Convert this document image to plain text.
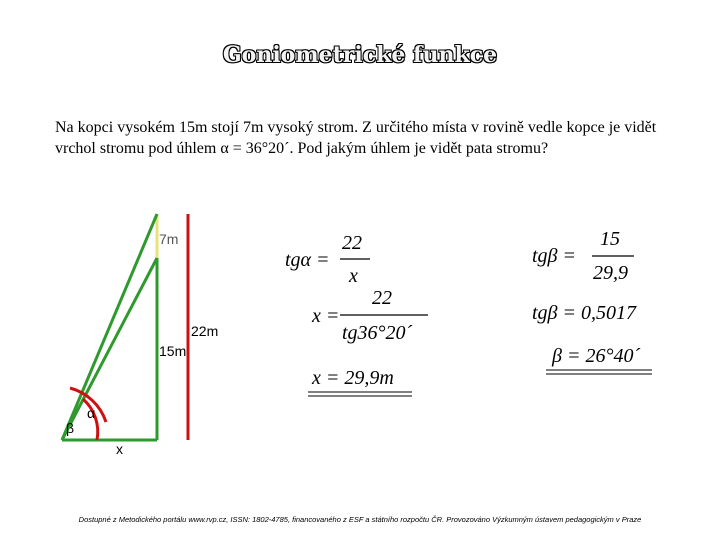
Goniometrické funkce
Na kopci vysokém 15m stojí 7m vysoký strom. Z určitého místa v rovině vedle kopce je vidět vrchol stromu pod úhlem α = 36°20´. Pod jakým úhlem je vidět pata stromu?
7m
15m
22m
α
β
x
tgα =
22
x
x =
22
tg36°20´
x = 29,9m
tgβ =
15
29,9
tgβ = 0,5017
β = 26°40´
Dostupné z Metodického portálu www.rvp.cz, ISSN: 1802-4785, financovaného z ESF a státního rozpočtu ČR. Provozováno Výzkumným ústavem pedagogickým v Praze
